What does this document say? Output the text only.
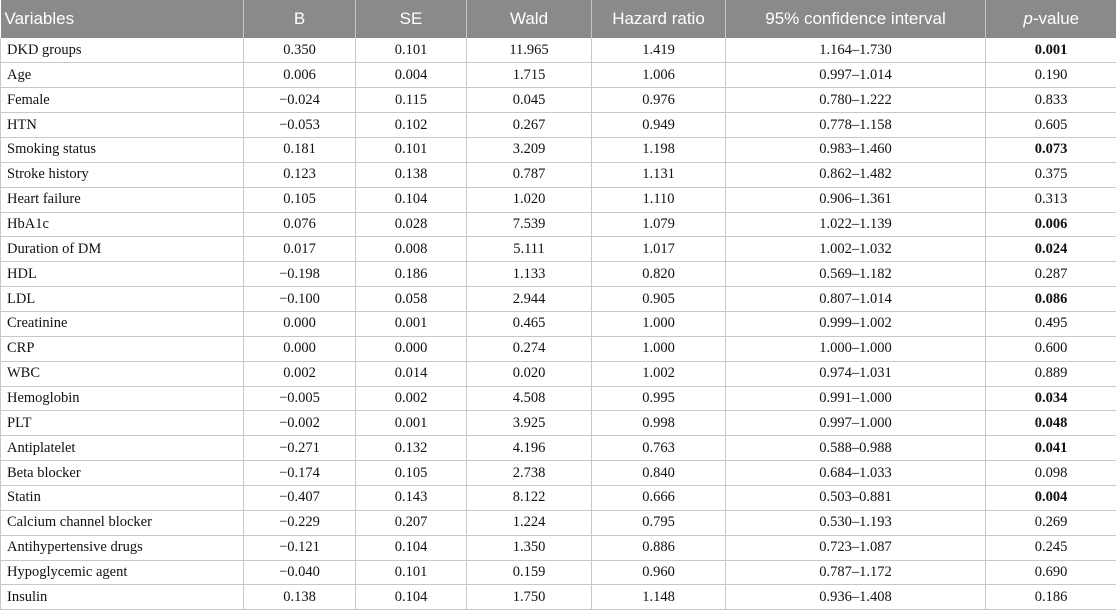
Variables	B	SE	Wald	Hazard ratio	95% confidence interval	p-value
DKD groups	0.350	0.101	11.965	1.419	1.164–1.730	0.001
Age	0.006	0.004	1.715	1.006	0.997–1.014	0.190
Female	−0.024	0.115	0.045	0.976	0.780–1.222	0.833
HTN	−0.053	0.102	0.267	0.949	0.778–1.158	0.605
Smoking status	0.181	0.101	3.209	1.198	0.983–1.460	0.073
Stroke history	0.123	0.138	0.787	1.131	0.862–1.482	0.375
Heart failure	0.105	0.104	1.020	1.110	0.906–1.361	0.313
HbA1c	0.076	0.028	7.539	1.079	1.022–1.139	0.006
Duration of DM	0.017	0.008	5.111	1.017	1.002–1.032	0.024
HDL	−0.198	0.186	1.133	0.820	0.569–1.182	0.287
LDL	−0.100	0.058	2.944	0.905	0.807–1.014	0.086
Creatinine	0.000	0.001	0.465	1.000	0.999–1.002	0.495
CRP	0.000	0.000	0.274	1.000	1.000–1.000	0.600
WBC	0.002	0.014	0.020	1.002	0.974–1.031	0.889
Hemoglobin	−0.005	0.002	4.508	0.995	0.991–1.000	0.034
PLT	−0.002	0.001	3.925	0.998	0.997–1.000	0.048
Antiplatelet	−0.271	0.132	4.196	0.763	0.588–0.988	0.041
Beta blocker	−0.174	0.105	2.738	0.840	0.684–1.033	0.098
Statin	−0.407	0.143	8.122	0.666	0.503–0.881	0.004
Calcium channel blocker	−0.229	0.207	1.224	0.795	0.530–1.193	0.269
Antihypertensive drugs	−0.121	0.104	1.350	0.886	0.723–1.087	0.245
Hypoglycemic agent	−0.040	0.101	0.159	0.960	0.787–1.172	0.690
Insulin	0.138	0.104	1.750	1.148	0.936–1.408	0.186
